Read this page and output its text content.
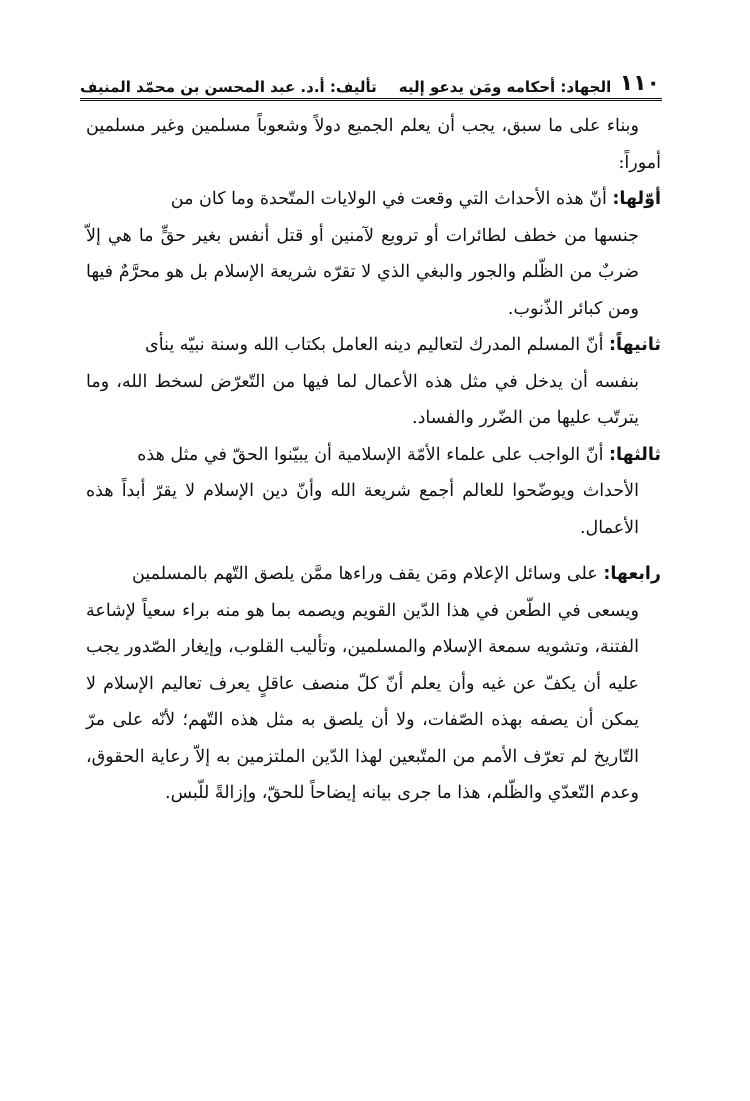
١١٠
الجهاد: أحكامه ومَن يدعو إليه
تأليف: أ.د. عبد المحسن بن محمّد المنيف

وبناء على ما سبق، يجب أن يعلم الجميع دولاً وشعوباً مسلمين وغير مسلمين أموراً:

أوّلها: أنّ هذه الأحداث التي وقعت في الولايات المتّحدة وما كان من

جنسها من خطف لطائرات أو ترويع لآمنين أو قتل أنفس بغير حقٍّ ما هي إلاّ ضربٌ من الظّلم والجور والبغي الذي لا تقرّه شريعة الإسلام بل هو محرَّمٌ فيها ومن كبائر الذّنوب.

ثانيهاً: أنّ المسلم المدرك لتعاليم دينه العامل بكتاب الله وسنة نبيّه ينأى

بنفسه أن يدخل في مثل هذه الأعمال لما فيها من التّعرّض لسخط الله، وما يترتّب عليها من الضّرر والفساد.

ثالثها: أنّ الواجب على علماء الأمّة الإسلامية أن يبيّنوا الحقّ في مثل هذه

الأحداث ويوضّحوا للعالم أجمع شريعة الله وأنّ دين الإسلام لا يقرّ أبداً هذه الأعمال.

رابعها: على وسائل الإعلام ومَن يقف وراءها ممَّن يلصق التّهم بالمسلمين

ويسعى في الطّعن في هذا الدّين القويم ويصمه بما هو منه براء سعياً لإشاعة الفتنة، وتشويه سمعة الإسلام والمسلمين، وتأليب القلوب، وإيغار الصّدور يجب عليه أن يكفّ عن غيه وأن يعلم أنّ كلّ منصف عاقلٍ يعرف تعاليم الإسلام لا يمكن أن يصفه بهذه الصّفات، ولا أن يلصق به مثل هذه التّهم؛ لأنّه على مرّ التّاريخ لم تعرّف الأمم من المتّبعين لهذا الدّين الملتزمين به إلاّ رعاية الحقوق، وعدم التّعدّي والظّلم، هذا ما جرى بيانه إيضاحاً للحقّ، وإزالةً للّبس.
